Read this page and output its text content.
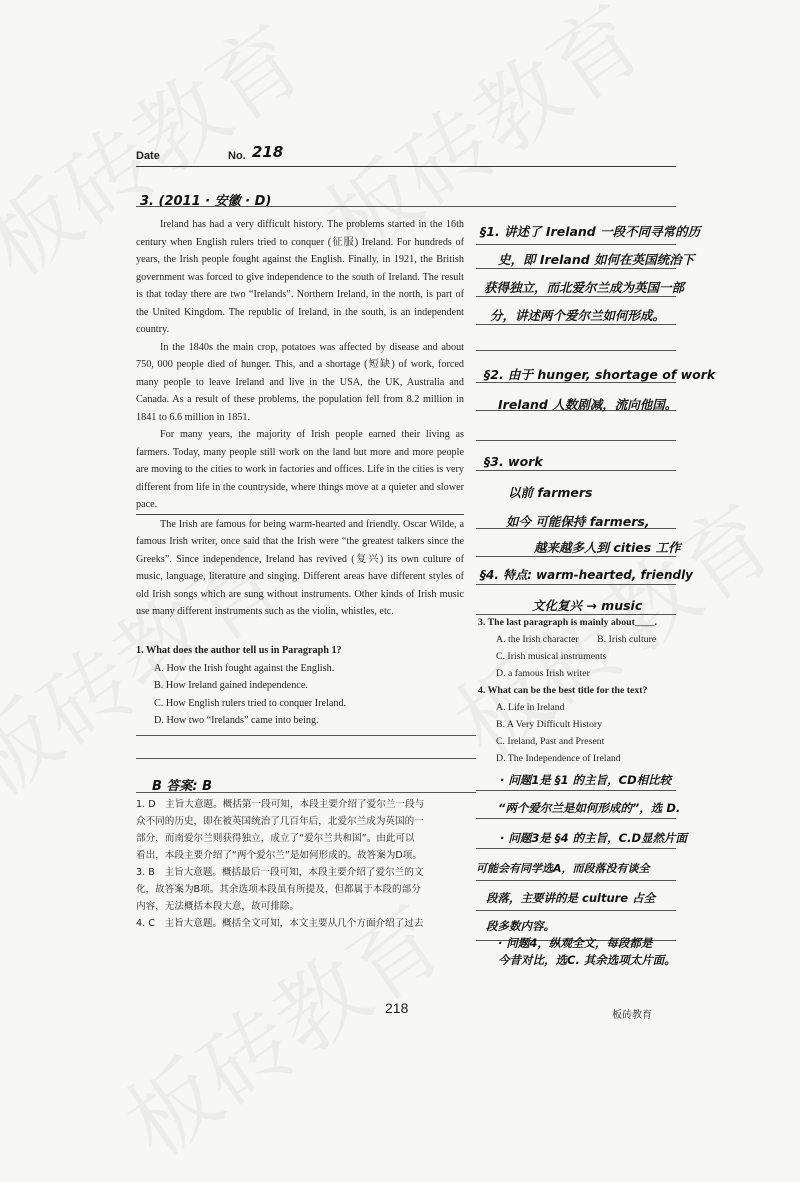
Date	No. 218
3. (2011 · 安徽 · D)

Ireland has had a very difficult history. The problems started in the 16th century when English rulers tried to conquer (征服) Ireland. For hundreds of years, the Irish people fought against the English. Finally, in 1921, the British government was forced to give independence to the south of Ireland. The result is that today there are two “Irelands”. Northern Ireland, in the north, is part of the United Kingdom. The republic of Ireland, in the south, is an independent country.

In the 1840s the main crop, potatoes was affected by disease and about 750, 000 people died of hunger. This, and a shortage (短缺) of work, forced many people to leave Ireland and live in the USA, the UK, Australia and Canada. As a result of these problems, the population fell from 8.2 million in 1841 to 6.6 million in 1851.

For many years, the majority of Irish people earned their living as farmers. Today, many people still work on the land but more and more people are moving to the cities to work in factories and offices. Life in the cities is very different from life in the countryside, where things move at a quieter and slower pace.

The Irish are famous for being warm-hearted and friendly. Oscar Wilde, a famous Irish writer, once said that the Irish were “the greatest talkers since the Greeks”. Since independence, Ireland has revived (复兴) its own culture of music, language, literature and singing. Different areas have different styles of old Irish songs which are sung without instruments. Other kinds of Irish music use many different instruments such as the violin, whistles, etc.

1. What does the author tell us in Paragraph 1?
A. How the Irish fought against the English.
B. How Ireland gained independence.
C. How English rulers tried to conquer Ireland.
D. How two “Irelands” came into being.
3. The last paragraph is mainly about____.
A. the Irish character B. Irish culture
C. Irish musical instruments
D. a famous Irish writer
4. What can be the best title for the text?
A. Life in Ireland
B. A Very Difficult History
C. Ireland, Past and Present
D. The Independence of Ireland
B 答案: B
1. D　主旨大意题。概括第一段可知，本段主要介绍了爱尔兰一段与
众不同的历史，即在被英国统治了几百年后，北爱尔兰成为英国的一
部分，而南爱尔兰则获得独立，成立了“爱尔兰共和国”。由此可以
看出，本段主要介绍了“两个爱尔兰”是如何形成的。故答案为D项。
3. B　主旨大意题。概括最后一段可知，本段主要介绍了爱尔兰的文
化，故答案为B项。其余选项本段虽有所提及，但都属于本段的部分
内容，无法概括本段大意，故可排除。
4. C　主旨大意题。概括全文可知，本文主要从几个方面介绍了过去
§1. 讲述了 Ireland 一段不同寻常的历
史，即 Ireland 如何在英国统治下
获得独立，而北爱尔兰成为英国一部
分，讲述两个爱尔兰如何形成。
§2. 由于 hunger, shortage of work
Ireland 人数剧减，流向他国。
§3. work
以前 farmers
如今 可能保持 farmers,
越来越多人到 cities 工作
§4. 特点: warm-hearted, friendly
文化复兴 → music
· 问题1是 §1 的主旨，CD相比较
“两个爱尔兰是如何形成的”，选 D.
· 问题3是 §4 的主旨，C.D显然片面
可能会有同学选A，而段落没有谈全
段落，主要讲的是 culture 占全
段多数内容。
· 问题4，纵观全文，每段都是
今昔对比，选C. 其余选项太片面。
218	板砖教育
